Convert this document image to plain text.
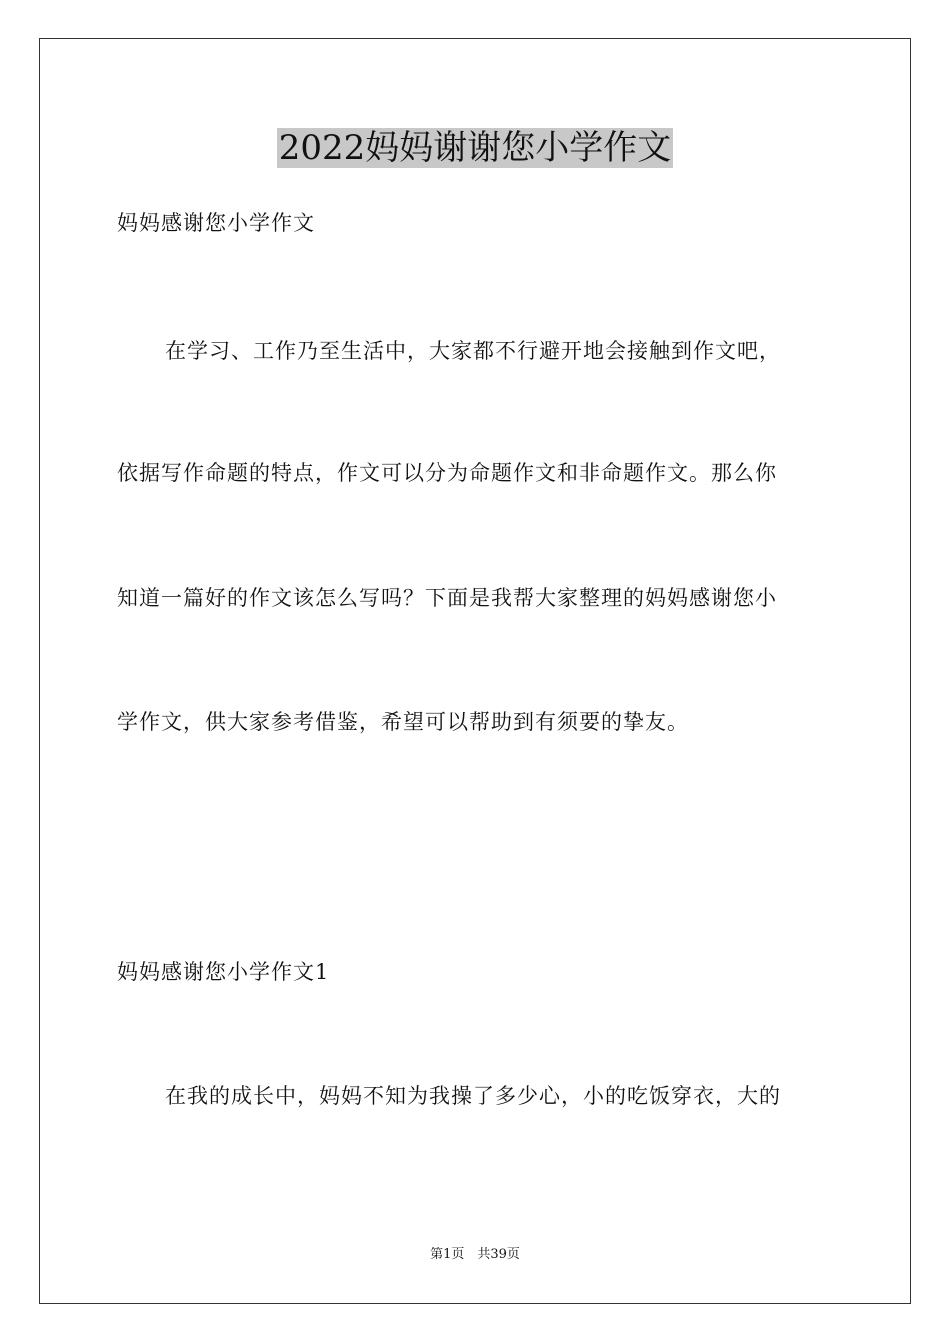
2022妈妈谢谢您小学作文
妈妈感谢您小学作文
在学习、工作乃至生活中，大家都不行避开地会接触到作文吧，
依据写作命题的特点，作文可以分为命题作文和非命题作文。那么你
知道一篇好的作文该怎么写吗？下面是我帮大家整理的妈妈感谢您小
学作文，供大家参考借鉴，希望可以帮助到有须要的挚友。
妈妈感谢您小学作文1
在我的成长中，妈妈不知为我操了多少心，小的吃饭穿衣，大的
第1页　共39页
